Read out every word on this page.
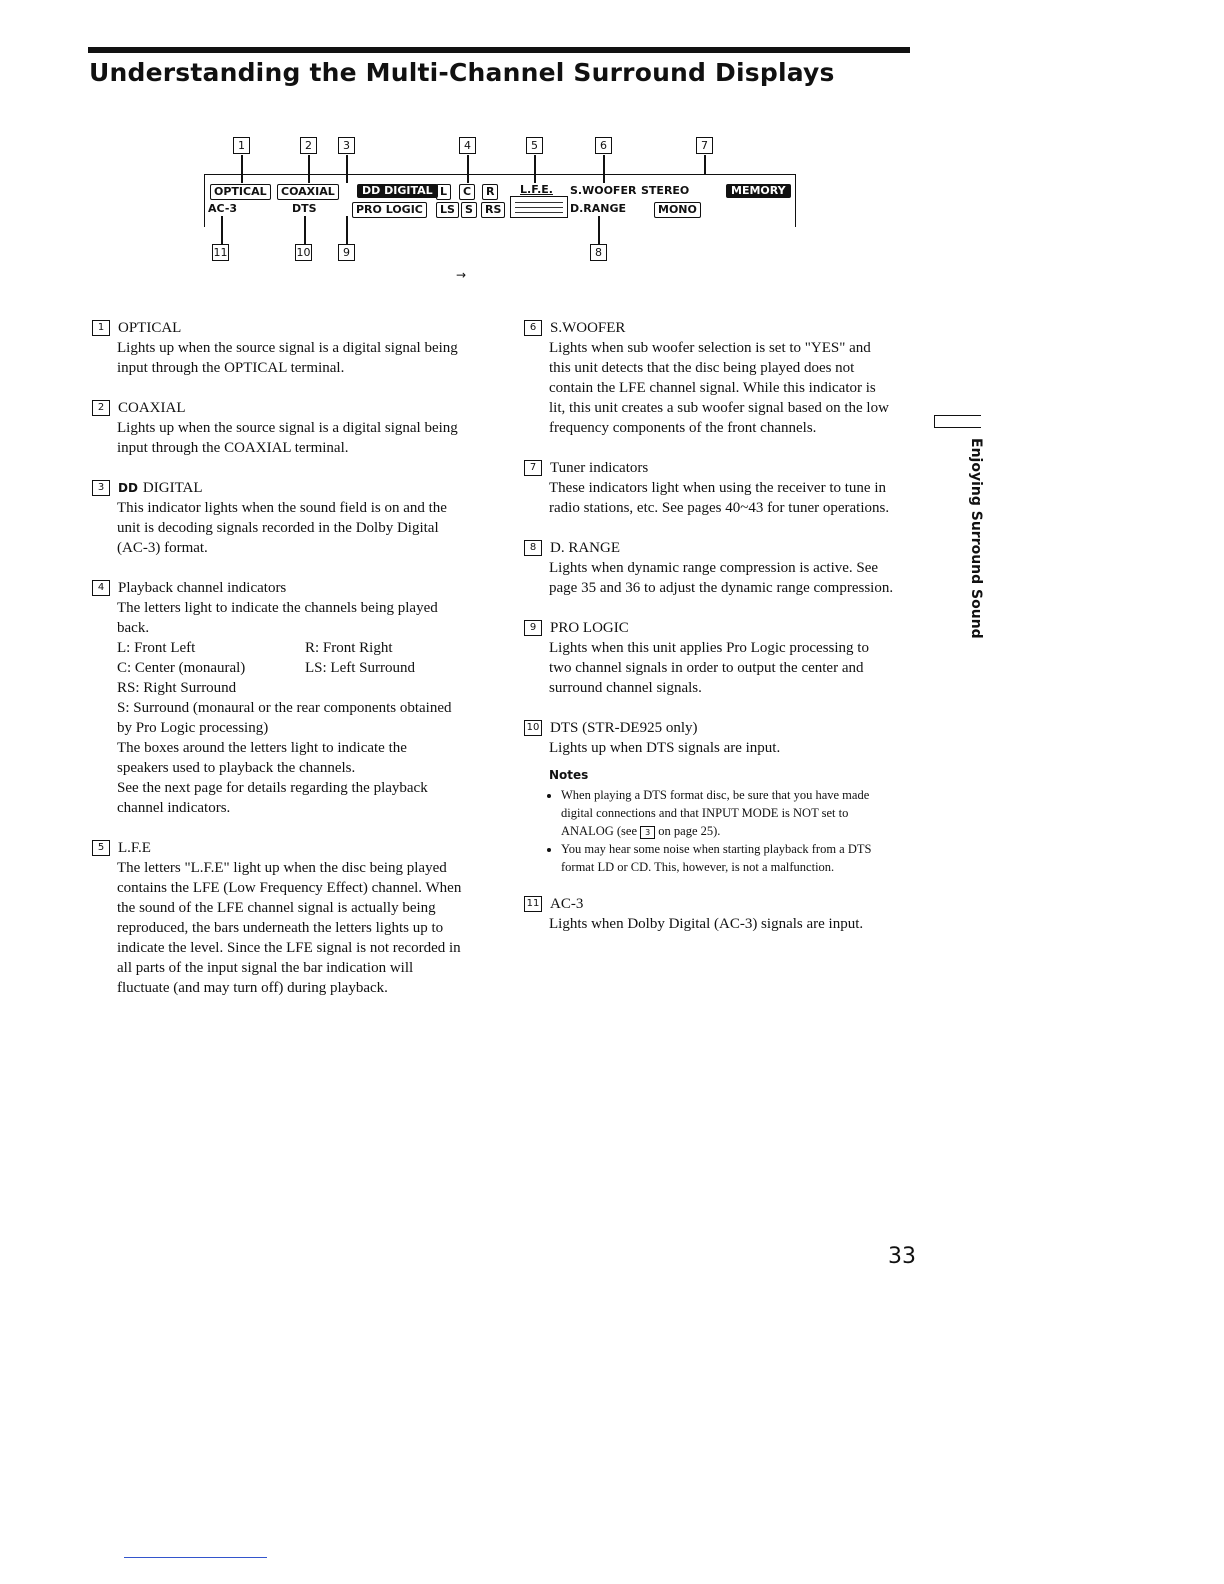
Understanding the Multi-Channel Surround Displays
1	2	3	4	5	6	7
OPTICAL	COAXIAL	DD DIGITAL L	C	R	L.F.E. S.WOOFER STEREO	MEMORY
AC-3	DTS	PRO LOGIC	LS S	RS	D.RANGE	MONO
11	10	9	8
→
1 OPTICAL

Lights up when the source signal is a digital signal being input through the OPTICAL terminal.

2 COAXIAL

Lights up when the source signal is a digital signal being input through the COAXIAL terminal.

3	DD DIGITAL

This indicator lights when the sound field is on and the unit is decoding signals recorded in the Dolby Digital (AC-3) format.

4 Playback channel indicators

The letters light to indicate the channels being played back.

L: Front Left	R: Front Right
C: Center (monaural)	LS: Left Surround

RS: Right Surround

S: Surround (monaural or the rear components obtained by Pro Logic processing)

The boxes around the letters light to indicate the speakers used to playback the channels.

See the next page for details regarding the playback channel indicators.

5 L.F.E

The letters "L.F.E" light up when the disc being played contains the LFE (Low Frequency Effect) channel. When the sound of the LFE channel signal is actually being reproduced, the bars underneath the letters lights up to indicate the level. Since the LFE signal is not recorded in all parts of the input signal the bar indication will fluctuate (and may turn off) during playback.

6 S.WOOFER

Lights when sub woofer selection is set to "YES" and this unit detects that the disc being played does not contain the LFE channel signal. While this indicator is lit, this unit creates a sub woofer signal based on the low frequency components of the front channels.

7 Tuner indicators

These indicators light when using the receiver to tune in radio stations, etc. See pages 40~43 for tuner operations.

8 D. RANGE

Lights when dynamic range compression is active. See page 35 and 36 to adjust the dynamic range compression.

9 PRO LOGIC

Lights when this unit applies Pro Logic processing to two channel signals in order to output the center and surround channel signals.

10 DTS (STR-DE925 only)

Lights up when DTS signals are input.

Notes
• When playing a DTS format disc, be sure that you have made digital connections and that INPUT MODE is NOT set to ANALOG (see 3 on page 25).
• You may hear some noise when starting playback from a DTS format LD or CD. This, however, is not a malfunction.
11 AC-3

Lights when Dolby Digital (AC-3) signals are input.

Enjoying Surround Sound
33
